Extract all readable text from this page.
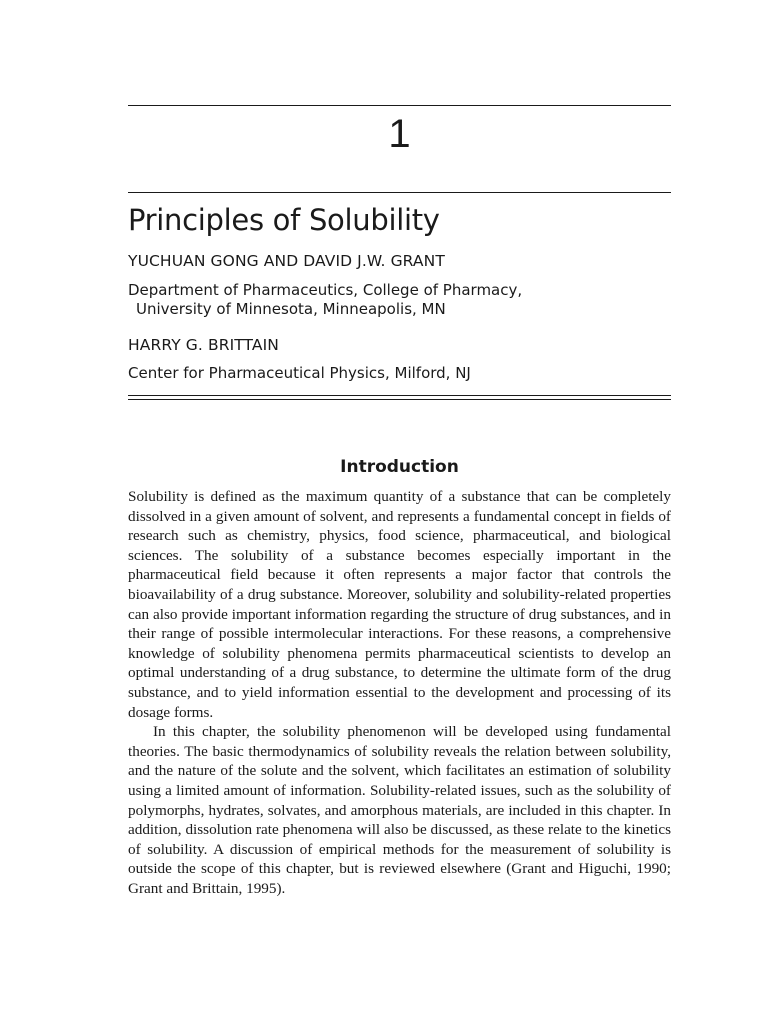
1
Principles of Solubility
YUCHUAN GONG AND DAVID J.W. GRANT
Department of Pharmaceutics, College of Pharmacy,
University of Minnesota, Minneapolis, MN
HARRY G. BRITTAIN
Center for Pharmaceutical Physics, Milford, NJ
Introduction

Solubility is defined as the maximum quantity of a substance that can be completely dissolved in a given amount of solvent, and represents a fundamental concept in fields of research such as chemistry, physics, food science, pharmaceutical, and biological sciences. The solubility of a substance becomes especially important in the pharmaceutical field because it often represents a major factor that controls the bioavailability of a drug substance. Moreover, solubility and solubility-related properties can also provide important information regarding the structure of drug substances, and in their range of possible intermolecular interactions. For these reasons, a comprehensive knowledge of solubility phenomena permits pharmaceutical scientists to develop an optimal understanding of a drug substance, to determine the ultimate form of the drug substance, and to yield information essential to the development and processing of its dosage forms.

In this chapter, the solubility phenomenon will be developed using fundamental theories. The basic thermodynamics of solubility reveals the relation between solubility, and the nature of the solute and the solvent, which facilitates an estimation of solubility using a limited amount of information. Solubility-related issues, such as the solubility of polymorphs, hydrates, solvates, and amorphous materials, are included in this chapter. In addition, dissolution rate phenomena will also be discussed, as these relate to the kinetics of solubility. A discussion of empirical methods for the measurement of solubility is outside the scope of this chapter, but is reviewed elsewhere (Grant and Higuchi, 1990; Grant and Brittain, 1995).
